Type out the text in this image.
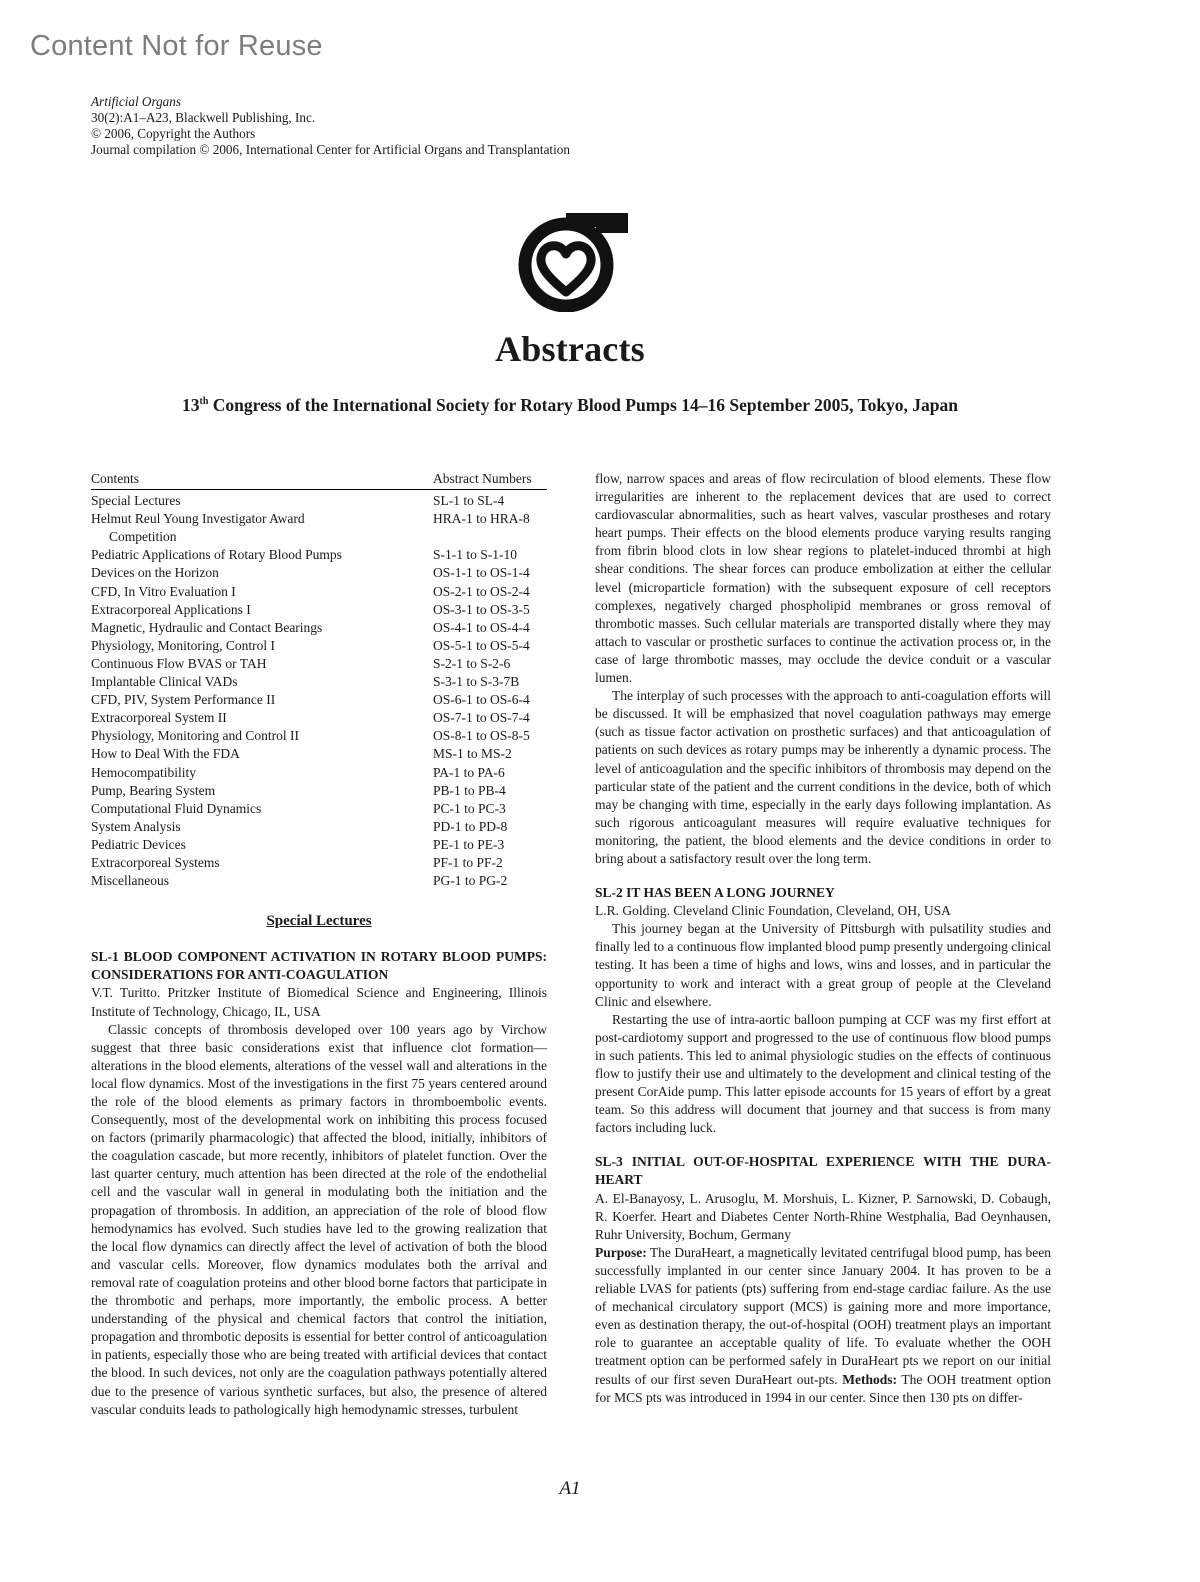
Content Not for Reuse
Artificial Organs
30(2):A1–A23, Blackwell Publishing, Inc.
© 2006, Copyright the Authors
Journal compilation © 2006, International Center for Artificial Organs and Transplantation
Abstracts
13th Congress of the International Society for Rotary Blood Pumps 14–16 September 2005, Tokyo, Japan
Contents	Abstract Numbers
Special Lectures	SL-1 to SL-4
Helmut Reul Young Investigator Award	HRA-1 to HRA-8
Competition
Pediatric Applications of Rotary Blood Pumps	S-1-1 to S-1-10
Devices on the Horizon	OS-1-1 to OS-1-4
CFD, In Vitro Evaluation I	OS-2-1 to OS-2-4
Extracorporeal Applications I	OS-3-1 to OS-3-5
Magnetic, Hydraulic and Contact Bearings	OS-4-1 to OS-4-4
Physiology, Monitoring, Control I	OS-5-1 to OS-5-4
Continuous Flow BVAS or TAH	S-2-1 to S-2-6
Implantable Clinical VADs	S-3-1 to S-3-7B
CFD, PIV, System Performance II	OS-6-1 to OS-6-4
Extracorporeal System II	OS-7-1 to OS-7-4
Physiology, Monitoring and Control II	OS-8-1 to OS-8-5
How to Deal With the FDA	MS-1 to MS-2
Hemocompatibility	PA-1 to PA-6
Pump, Bearing System	PB-1 to PB-4
Computational Fluid Dynamics	PC-1 to PC-3
System Analysis	PD-1 to PD-8
Pediatric Devices	PE-1 to PE-3
Extracorporeal Systems	PF-1 to PF-2
Miscellaneous	PG-1 to PG-2
Special Lectures
SL-1 BLOOD COMPONENT ACTIVATION IN ROTARY BLOOD PUMPS: CONSIDERATIONS FOR ANTI-COAGULATION

V.T. Turitto. Pritzker Institute of Biomedical Science and Engineering, Illinois Institute of Technology, Chicago, IL, USA

Classic concepts of thrombosis developed over 100 years ago by Virchow suggest that three basic considerations exist that influence clot formation—alterations in the blood elements, alterations of the vessel wall and alterations in the local flow dynamics. Most of the investigations in the first 75 years centered around the role of the blood elements as primary factors in thromboembolic events. Consequently, most of the developmental work on inhibiting this process focused on factors (primarily pharmacologic) that affected the blood, initially, inhibitors of the coagulation cascade, but more recently, inhibitors of platelet function. Over the last quarter century, much attention has been directed at the role of the endothelial cell and the vascular wall in general in modulating both the initiation and the propagation of thrombosis. In addition, an appreciation of the role of blood flow hemodynamics has evolved. Such studies have led to the growing realization that the local flow dynamics can directly affect the level of activation of both the blood and vascular cells. Moreover, flow dynamics modulates both the arrival and removal rate of coagulation proteins and other blood borne factors that participate in the thrombotic and perhaps, more importantly, the embolic process. A better understanding of the physical and chemical factors that control the initiation, propagation and thrombotic deposits is essential for better control of anticoagulation in patients, especially those who are being treated with artificial devices that contact the blood. In such devices, not only are the coagulation pathways potentially altered due to the presence of various synthetic surfaces, but also, the presence of altered vascular conduits leads to pathologically high hemodynamic stresses, turbulent

flow, narrow spaces and areas of flow recirculation of blood elements. These flow irregularities are inherent to the replacement devices that are used to correct cardiovascular abnormalities, such as heart valves, vascular prostheses and rotary heart pumps. Their effects on the blood elements produce varying results ranging from fibrin blood clots in low shear regions to platelet-induced thrombi at high shear conditions. The shear forces can produce embolization at either the cellular level (microparticle formation) with the subsequent exposure of cell receptors complexes, negatively charged phospholipid membranes or gross removal of thrombotic masses. Such cellular materials are transported distally where they may attach to vascular or prosthetic surfaces to continue the activation process or, in the case of large thrombotic masses, may occlude the device conduit or a vascular lumen.

The interplay of such processes with the approach to anti-coagulation efforts will be discussed. It will be emphasized that novel coagulation pathways may emerge (such as tissue factor activation on prosthetic surfaces) and that anticoagulation of patients on such devices as rotary pumps may be inherently a dynamic process. The level of anticoagulation and the specific inhibitors of thrombosis may depend on the particular state of the patient and the current conditions in the device, both of which may be changing with time, especially in the early days following implantation. As such rigorous anticoagulant measures will require evaluative techniques for monitoring, the patient, the blood elements and the device conditions in order to bring about a satisfactory result over the long term.

SL-2 IT HAS BEEN A LONG JOURNEY

L.R. Golding. Cleveland Clinic Foundation, Cleveland, OH, USA

This journey began at the University of Pittsburgh with pulsatility studies and finally led to a continuous flow implanted blood pump presently undergoing clinical testing. It has been a time of highs and lows, wins and losses, and in particular the opportunity to work and interact with a great group of people at the Cleveland Clinic and elsewhere.

Restarting the use of intra-aortic balloon pumping at CCF was my first effort at post-cardiotomy support and progressed to the use of continuous flow blood pumps in such patients. This led to animal physiologic studies on the effects of continuous flow to justify their use and ultimately to the development and clinical testing of the present CorAide pump. This latter episode accounts for 15 years of effort by a great team. So this address will document that journey and that success is from many factors including luck.

SL-3 INITIAL OUT-OF-HOSPITAL EXPERIENCE WITH THE DURA-HEART

A. El-Banayosy, L. Arusoglu, M. Morshuis, L. Kizner, P. Sarnowski, D. Cobaugh, R. Koerfer. Heart and Diabetes Center North-Rhine Westphalia, Bad Oeynhausen, Ruhr University, Bochum, Germany

Purpose: The DuraHeart, a magnetically levitated centrifugal blood pump, has been successfully implanted in our center since January 2004. It has proven to be a reliable LVAS for patients (pts) suffering from end-stage cardiac failure. As the use of mechanical circulatory support (MCS) is gaining more and more importance, even as destination therapy, the out-of-hospital (OOH) treatment plays an important role to guarantee an acceptable quality of life. To evaluate whether the OOH treatment option can be performed safely in DuraHeart pts we report on our initial results of our first seven DuraHeart out-pts. Methods: The OOH treatment option for MCS pts was introduced in 1994 in our center. Since then 130 pts on differ-

A1
